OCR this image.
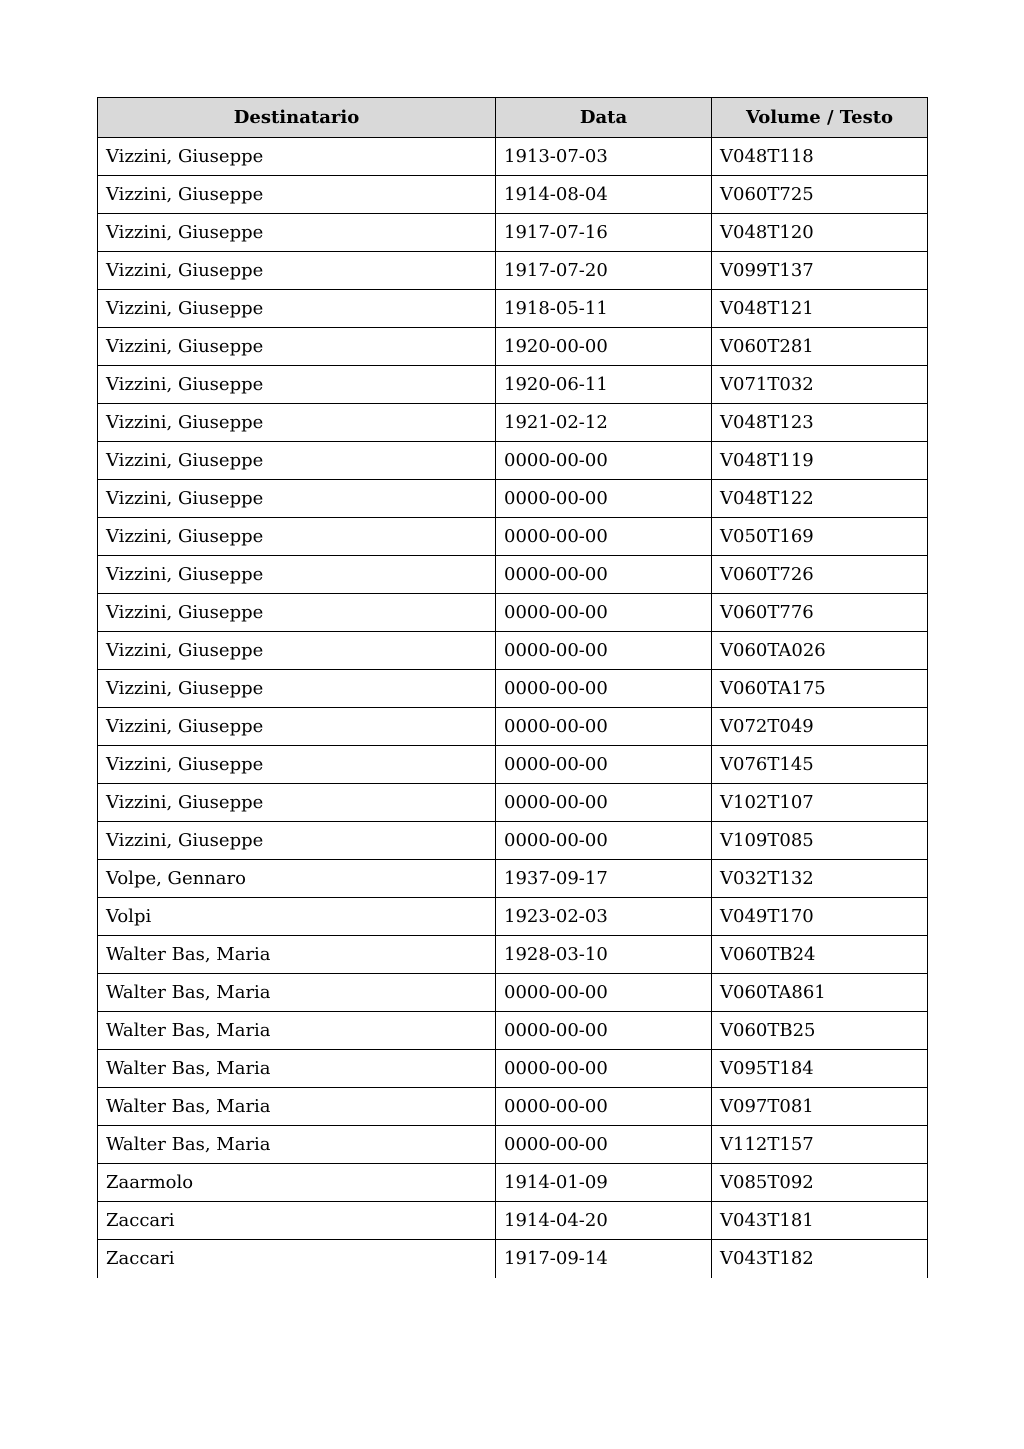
Destinatario	Data	Volume / Testo
Vizzini, Giuseppe	1913-07-03	V048T118
Vizzini, Giuseppe	1914-08-04	V060T725
Vizzini, Giuseppe	1917-07-16	V048T120
Vizzini, Giuseppe	1917-07-20	V099T137
Vizzini, Giuseppe	1918-05-11	V048T121
Vizzini, Giuseppe	1920-00-00	V060T281
Vizzini, Giuseppe	1920-06-11	V071T032
Vizzini, Giuseppe	1921-02-12	V048T123
Vizzini, Giuseppe	0000-00-00	V048T119
Vizzini, Giuseppe	0000-00-00	V048T122
Vizzini, Giuseppe	0000-00-00	V050T169
Vizzini, Giuseppe	0000-00-00	V060T726
Vizzini, Giuseppe	0000-00-00	V060T776
Vizzini, Giuseppe	0000-00-00	V060TA026
Vizzini, Giuseppe	0000-00-00	V060TA175
Vizzini, Giuseppe	0000-00-00	V072T049
Vizzini, Giuseppe	0000-00-00	V076T145
Vizzini, Giuseppe	0000-00-00	V102T107
Vizzini, Giuseppe	0000-00-00	V109T085
Volpe, Gennaro	1937-09-17	V032T132
Volpi	1923-02-03	V049T170
Walter Bas, Maria	1928-03-10	V060TB24
Walter Bas, Maria	0000-00-00	V060TA861
Walter Bas, Maria	0000-00-00	V060TB25
Walter Bas, Maria	0000-00-00	V095T184
Walter Bas, Maria	0000-00-00	V097T081
Walter Bas, Maria	0000-00-00	V112T157
Zaarmolo	1914-01-09	V085T092
Zaccari	1914-04-20	V043T181
Zaccari	1917-09-14	V043T182
